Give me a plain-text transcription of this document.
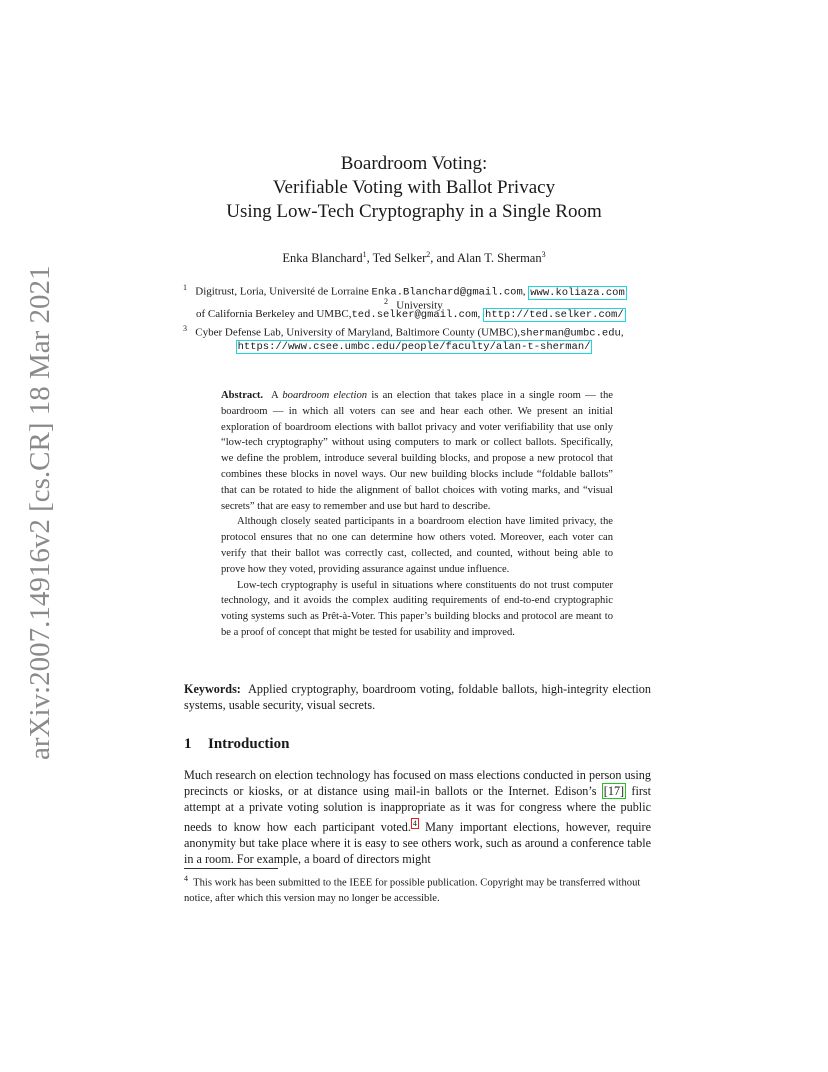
arXiv:2007.14916v2 [cs.CR] 18 Mar 2021
Boardroom Voting:
Verifiable Voting with Ballot Privacy
Using Low-Tech Cryptography in a Single Room
Enka Blanchard$^1$, Ted Selker$^2$, and Alan T. Sherman$^3$
$^1$ Digitrust, Loria, Université de Lorraine Enka.Blanchard@gmail.com, www.koliaza.com
$^2$ University
of California Berkeley and UMBC,ted.selker@gmail.com, http://ted.selker.com/
$^3$ Cyber Defense Lab, University of Maryland, Baltimore County (UMBC),sherman@umbc.edu,
https://www.csee.umbc.edu/people/faculty/alan-t-sherman/

Abstract. A boardroom election is an election that takes place in a single room — the boardroom — in which all voters can see and hear each other. We present an initial exploration of boardroom elections with ballot privacy and voter verifiability that use only “low-tech cryptography” without using computers to mark or collect ballots. Specifically, we define the problem, introduce several building blocks, and propose a new protocol that combines these blocks in novel ways. Our new building blocks include “foldable ballots” that can be rotated to hide the alignment of ballot choices with voting marks, and “visual secrets” that are easy to remember and use but hard to describe.

Although closely seated participants in a boardroom election have limited privacy, the protocol ensures that no one can determine how others voted. Moreover, each voter can verify that their ballot was correctly cast, collected, and counted, without being able to prove how they voted, providing assurance against undue influence.

Low-tech cryptography is useful in situations where constituents do not trust computer technology, and it avoids the complex auditing requirements of end-to-end cryptographic voting systems such as Prêt-à-Voter. This paper’s building blocks and protocol are meant to be a proof of concept that might be tested for usability and improved.

Keywords: Applied cryptography, boardroom voting, foldable ballots, high-integrity election systems, usable security, visual secrets.

1 Introduction

Much research on election technology has focused on mass elections conducted in person using precincts or kiosks, or at distance using mail-in ballots or the Internet. Edison’s [17] first attempt at a private voting solution is inappropriate as it was for congress where the public needs to know how each participant voted. $^4$ Many important elections, however, require anonymity but take place where it is easy to see others work, such as around a conference table in a room. For example, a board of directors might

$^4$ This work has been submitted to the IEEE for possible publication. Copyright may be transferred without notice, after which this version may no longer be accessible.
